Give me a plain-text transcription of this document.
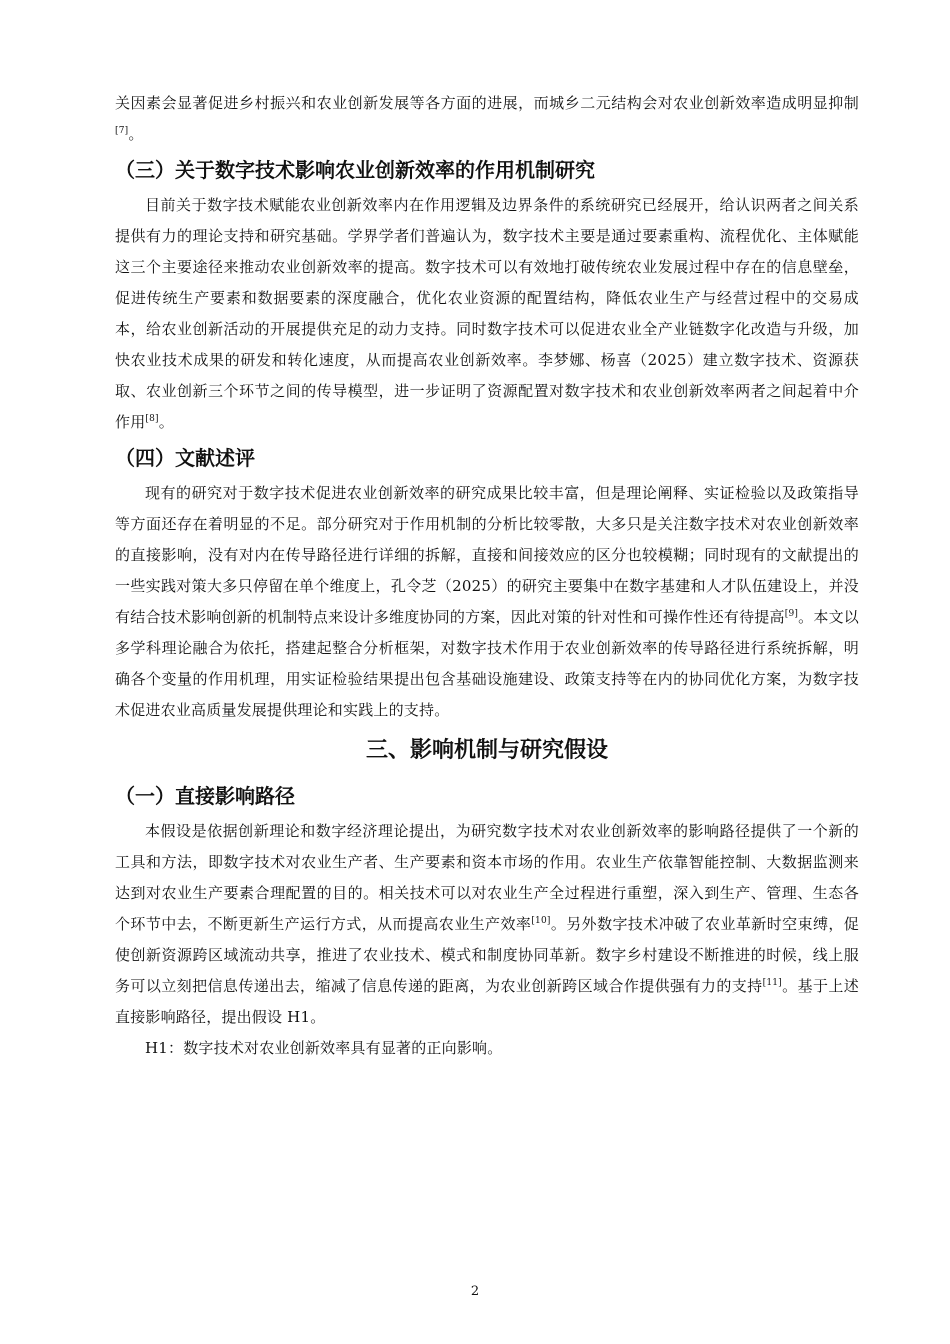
关因素会显著促进乡村振兴和农业创新发展等各方面的进展，而城乡二元结构会对农业创新效率造成明显抑制[7]。

（三）关于数字技术影响农业创新效率的作用机制研究

目前关于数字技术赋能农业创新效率内在作用逻辑及边界条件的系统研究已经展开，给认识两者之间关系提供有力的理论支持和研究基础。学界学者们普遍认为，数字技术主要是通过要素重构、流程优化、主体赋能这三个主要途径来推动农业创新效率的提高。数字技术可以有效地打破传统农业发展过程中存在的信息壁垒，促进传统生产要素和数据要素的深度融合，优化农业资源的配置结构，降低农业生产与经营过程中的交易成本，给农业创新活动的开展提供充足的动力支持。同时数字技术可以促进农业全产业链数字化改造与升级，加快农业技术成果的研发和转化速度，从而提高农业创新效率。李梦娜、杨喜（2025）建立数字技术、资源获取、农业创新三个环节之间的传导模型，进一步证明了资源配置对数字技术和农业创新效率两者之间起着中介作用[8]。

（四）文献述评

现有的研究对于数字技术促进农业创新效率的研究成果比较丰富，但是理论阐释、实证检验以及政策指导等方面还存在着明显的不足。部分研究对于作用机制的分析比较零散，大多只是关注数字技术对农业创新效率的直接影响，没有对内在传导路径进行详细的拆解，直接和间接效应的区分也较模糊；同时现有的文献提出的一些实践对策大多只停留在单个维度上，孔令芝（2025）的研究主要集中在数字基建和人才队伍建设上，并没有结合技术影响创新的机制特点来设计多维度协同的方案，因此对策的针对性和可操作性还有待提高[9]。本文以多学科理论融合为依托，搭建起整合分析框架，对数字技术作用于农业创新效率的传导路径进行系统拆解，明确各个变量的作用机理，用实证检验结果提出包含基础设施建设、政策支持等在内的协同优化方案，为数字技术促进农业高质量发展提供理论和实践上的支持。

三、影响机制与研究假设
（一）直接影响路径

本假设是依据创新理论和数字经济理论提出，为研究数字技术对农业创新效率的影响路径提供了一个新的工具和方法，即数字技术对农业生产者、生产要素和资本市场的作用。农业生产依靠智能控制、大数据监测来达到对农业生产要素合理配置的目的。相关技术可以对农业生产全过程进行重塑，深入到生产、管理、生态各个环节中去，不断更新生产运行方式，从而提高农业生产效率[10]。另外数字技术冲破了农业革新时空束缚，促使创新资源跨区域流动共享，推进了农业技术、模式和制度协同革新。数字乡村建设不断推进的时候，线上服务可以立刻把信息传递出去，缩减了信息传递的距离，为农业创新跨区域合作提供强有力的支持[11]。基于上述直接影响路径，提出假设 H1。

H1：数字技术对农业创新效率具有显著的正向影响。

2
